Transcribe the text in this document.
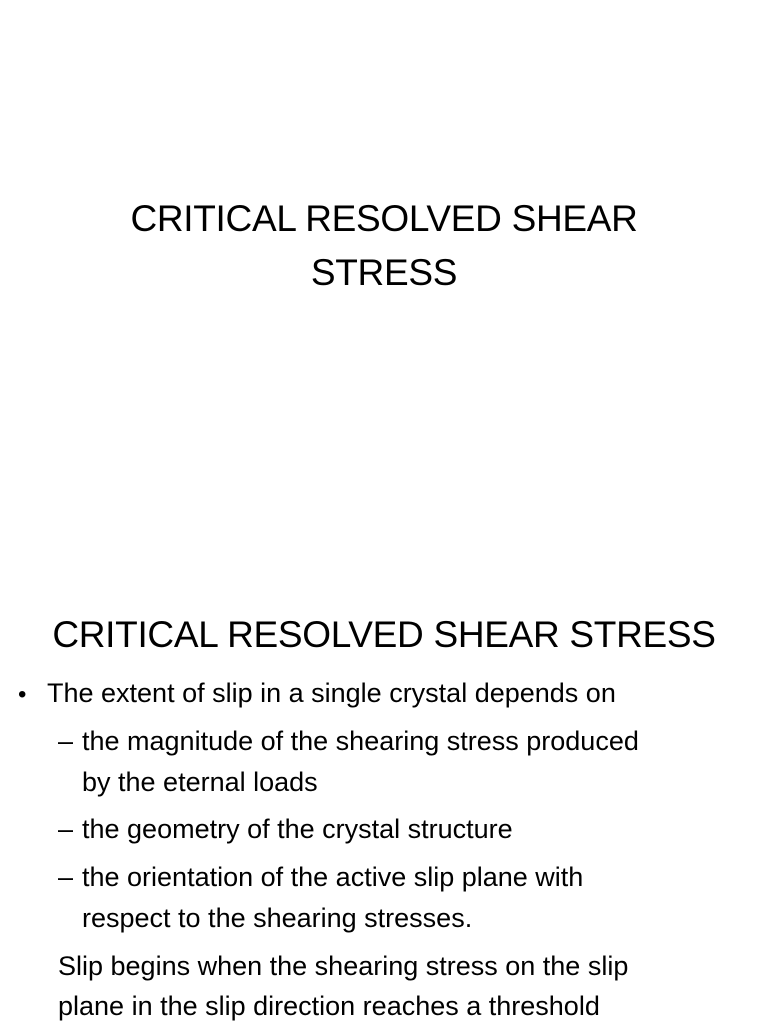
CRITICAL RESOLVED SHEAR
STRESS
CRITICAL RESOLVED SHEAR STRESS
• The extent of slip in a single crystal depends on
– the magnitude of the shearing stress produced
by the eternal loads
– the geometry of the crystal structure
– the orientation of the active slip plane with
respect to the shearing stresses.
Slip begins when the shearing stress on the slip
plane in the slip direction reaches a threshold
